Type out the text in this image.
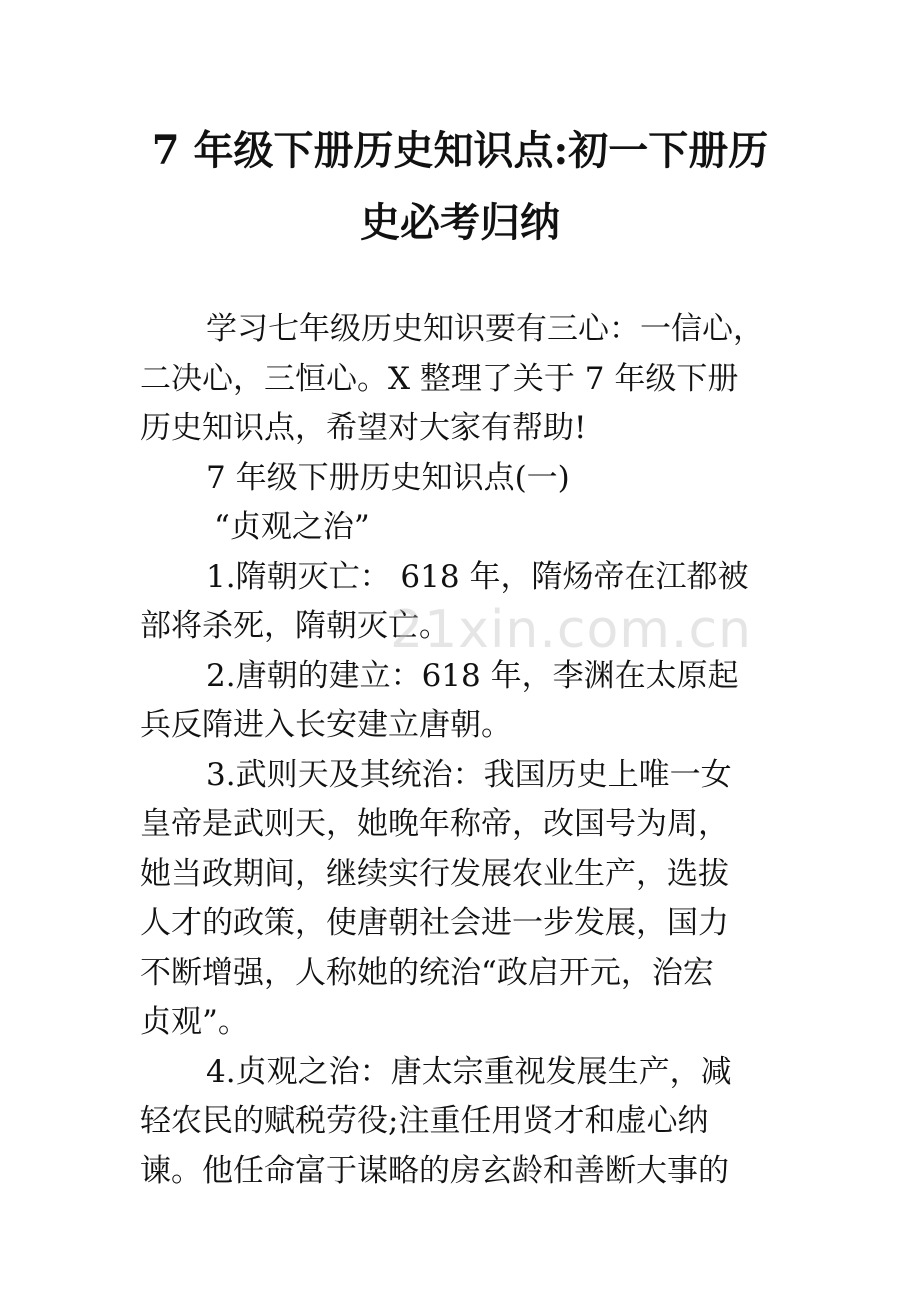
7 年级下册历史知识点:初一下册历
史必考归纳
学习七年级历史知识要有三心：一信心，
二决心，三恒心。X 整理了关于 7 年级下册
历史知识点，希望对大家有帮助!
7 年级下册历史知识点(一)
“贞观之治”
1.隋朝灭亡： 618 年，隋炀帝在江都被
部将杀死，隋朝灭亡。
2.唐朝的建立：618 年，李渊在太原起
兵反隋进入长安建立唐朝。
3.武则天及其统治：我国历史上唯一女
皇帝是武则天，她晚年称帝，改国号为周，
她当政期间，继续实行发展农业生产，选拔
人才的政策，使唐朝社会进一步发展，国力
不断增强，人称她的统治“政启开元，治宏
贞观”。
4.贞观之治：唐太宗重视发展生产，减
轻农民的赋税劳役;注重任用贤才和虚心纳
谏。他任命富于谋略的房玄龄和善断大事的
21xin.com.cn
